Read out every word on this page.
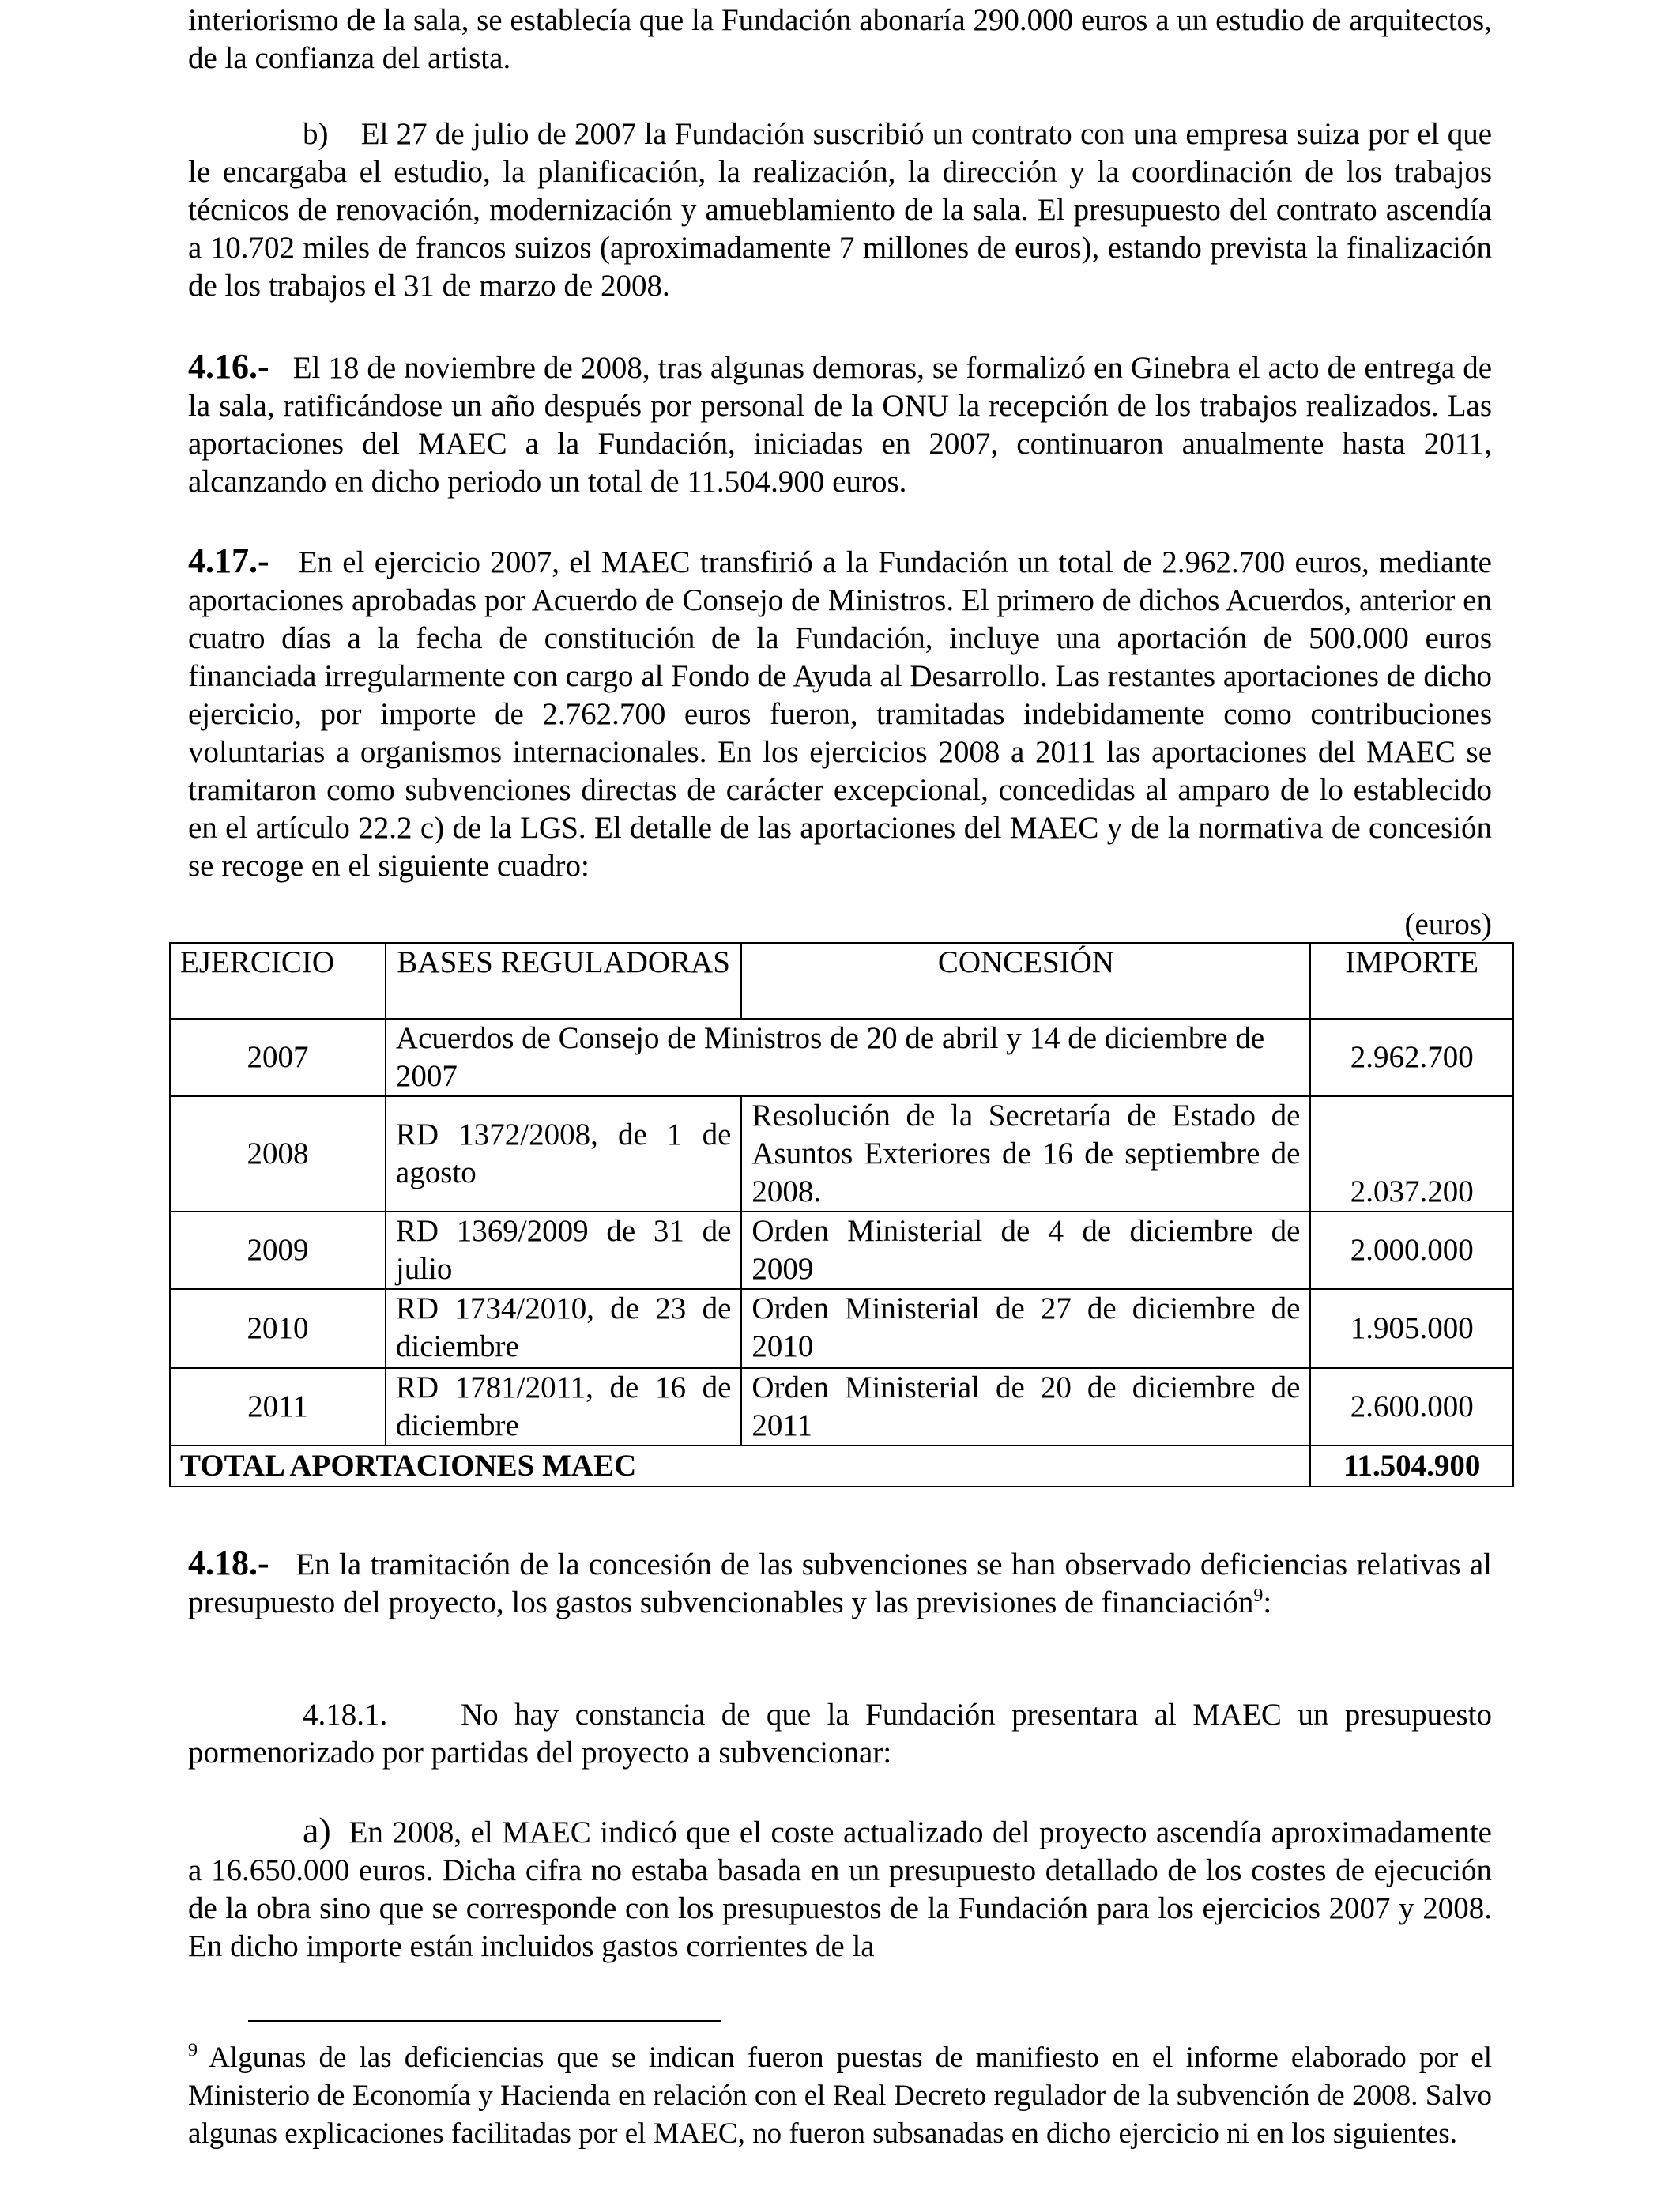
interiorismo de la sala, se establecía que la Fundación abonaría 290.000 euros a un estudio de arquitectos, de la confianza del artista.

b) El 27 de julio de 2007 la Fundación suscribió un contrato con una empresa suiza por el que le encargaba el estudio, la planificación, la realización, la dirección y la coordinación de los trabajos técnicos de renovación, modernización y amueblamiento de la sala. El presupuesto del contrato ascendía a 10.702 miles de francos suizos (aproximadamente 7 millones de euros), estando prevista la finalización de los trabajos el 31 de marzo de 2008.

4.16.- El 18 de noviembre de 2008, tras algunas demoras, se formalizó en Ginebra el acto de entrega de la sala, ratificándose un año después por personal de la ONU la recepción de los trabajos realizados. Las aportaciones del MAEC a la Fundación, iniciadas en 2007, continuaron anualmente hasta 2011, alcanzando en dicho periodo un total de 11.504.900 euros.

4.17.- En el ejercicio 2007, el MAEC transfirió a la Fundación un total de 2.962.700 euros, mediante aportaciones aprobadas por Acuerdo de Consejo de Ministros. El primero de dichos Acuerdos, anterior en cuatro días a la fecha de constitución de la Fundación, incluye una aportación de 500.000 euros financiada irregularmente con cargo al Fondo de Ayuda al Desarrollo. Las restantes aportaciones de dicho ejercicio, por importe de 2.762.700 euros fueron, tramitadas indebidamente como contribuciones voluntarias a organismos internacionales. En los ejercicios 2008 a 2011 las aportaciones del MAEC se tramitaron como subvenciones directas de carácter excepcional, concedidas al amparo de lo establecido en el artículo 22.2 c) de la LGS. El detalle de las aportaciones del MAEC y de la normativa de concesión se recoge en el siguiente cuadro:

(euros)
EJERCICIO	BASES REGULADORAS	CONCESIÓN	IMPORTE
2007	Acuerdos de Consejo de Ministros de 20 de abril y 14 de diciembre de 2007		2.962.700
2008	RD 1372/2008, de 1 de agosto	Resolución de la Secretaría de Estado de Asuntos Exteriores de 16 de septiembre de 2008.	2.037.200
2009	RD 1369/2009 de 31 de julio	Orden Ministerial de 4 de diciembre de 2009	2.000.000
2010	RD 1734/2010, de 23 de diciembre	Orden Ministerial de 27 de diciembre de 2010	1.905.000
2011	RD 1781/2011, de 16 de diciembre	Orden Ministerial de 20 de diciembre de 2011	2.600.000
TOTAL APORTACIONES MAEC			11.504.900

4.18.- En la tramitación de la concesión de las subvenciones se han observado deficiencias relativas al presupuesto del proyecto, los gastos subvencionables y las previsiones de financiación$^9$:

4.18.1. No hay constancia de que la Fundación presentara al MAEC un presupuesto pormenorizado por partidas del proyecto a subvencionar:

a) En 2008, el MAEC indicó que el coste actualizado del proyecto ascendía aproximadamente a 16.650.000 euros. Dicha cifra no estaba basada en un presupuesto detallado de los costes de ejecución de la obra sino que se corresponde con los presupuestos de la Fundación para los ejercicios 2007 y 2008. En dicho importe están incluidos gastos corrientes de la

$^9$ Algunas de las deficiencias que se indican fueron puestas de manifiesto en el informe elaborado por el Ministerio de Economía y Hacienda en relación con el Real Decreto regulador de la subvención de 2008. Salvo algunas explicaciones facilitadas por el MAEC, no fueron subsanadas en dicho ejercicio ni en los siguientes.
